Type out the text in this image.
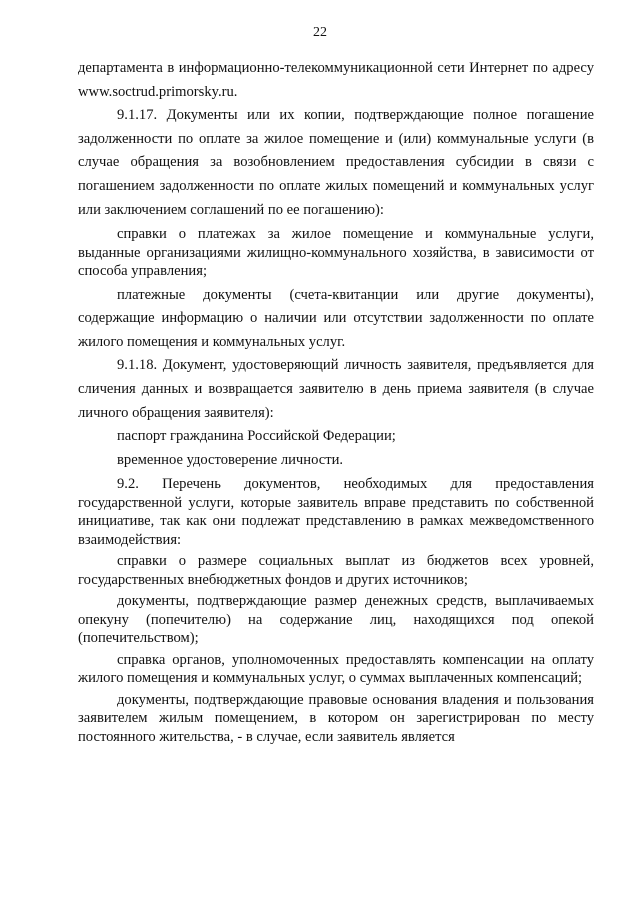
22

департамента в информационно-телекоммуникационной сети Интернет по адресу www.soctrud.primorsky.ru.

9.1.17. Документы или их копии, подтверждающие полное погашение задолженности по оплате за жилое помещение и (или) коммунальные услуги (в случае обращения за возобновлением предоставления субсидии в связи с погашением задолженности по оплате жилых помещений и коммунальных услуг или заключением соглашений по ее погашению):

справки о платежах за жилое помещение и коммунальные услуги, выданные организациями жилищно-коммунального хозяйства, в зависимости от способа управления;

платежные документы (счета-квитанции или другие документы), содержащие информацию о наличии или отсутствии задолженности по оплате жилого помещения и коммунальных услуг.

9.1.18. Документ, удостоверяющий личность заявителя, предъявляется для сличения данных и возвращается заявителю в день приема заявителя (в случае личного обращения заявителя):

паспорт гражданина Российской Федерации;

временное удостоверение личности.

9.2. Перечень документов, необходимых для предоставления государственной услуги, которые заявитель вправе представить по собственной инициативе, так как они подлежат представлению в рамках межведомственного взаимодействия:

справки о размере социальных выплат из бюджетов всех уровней, государственных внебюджетных фондов и других источников;

документы, подтверждающие размер денежных средств, выплачиваемых опекуну (попечителю) на содержание лиц, находящихся под опекой (попечительством);

справка органов, уполномоченных предоставлять компенсации на оплату жилого помещения и коммунальных услуг, о суммах выплаченных компенсаций;

документы, подтверждающие правовые основания владения и пользования заявителем жилым помещением, в котором он зарегистрирован по месту постоянного жительства, - в случае, если заявитель является
